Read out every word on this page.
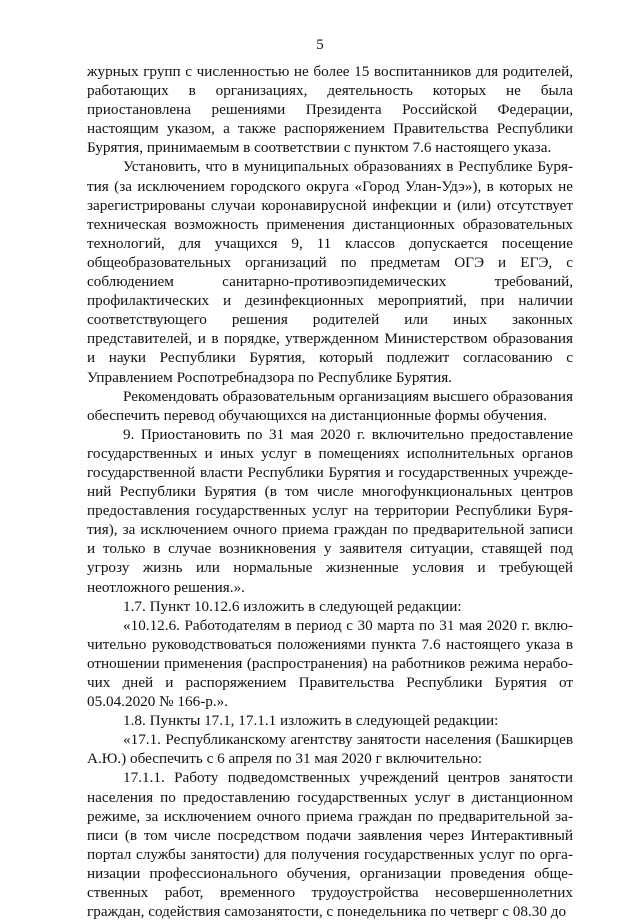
5

журных групп с численностью не более 15 воспитанников для родителей, работающих в организациях, деятельность которых не была приостановлена решениями Президента Российской Федерации, настоящим указом, а также распоряжением Правительства Республики Бурятия, принимаемым в соответствии с пунктом 7.6 настоящего указа.

Установить, что в муниципальных образованиях в Республике Бурятия (за исключением городского округа «Город Улан-Удэ»), в которых не зарегистрированы случаи коронавирусной инфекции и (или) отсутствует техническая возможность применения дистанционных образовательных технологий, для учащихся 9, 11 классов допускается посещение общеобразовательных организаций по предметам ОГЭ и ЕГЭ, с соблюдением санитарно-противоэпидемических требований, профилактических и дезинфекционных мероприятий, при наличии соответствующего решения родителей или иных законных представителей, и в порядке, утвержденном Министерством образования и науки Республики Бурятия, который подлежит согласованию с Управлением Роспотребнадзора по Республике Бурятия.

Рекомендовать образовательным организациям высшего образования обеспечить перевод обучающихся на дистанционные формы обучения.

9. Приостановить по 31 мая 2020 г. включительно предоставление государственных и иных услуг в помещениях исполнительных органов государственной власти Республики Бурятия и государственных учреждений Республики Бурятия (в том числе многофункциональных центров предоставления государственных услуг на территории Республики Бурятия), за исключением очного приема граждан по предварительной записи и только в случае возникновения у заявителя ситуации, ставящей под угрозу жизнь или нормальные жизненные условия и требующей неотложного решения.».

1.7. Пункт 10.12.6 изложить в следующей редакции:

«10.12.6. Работодателям в период с 30 марта по 31 мая 2020 г. включительно руководствоваться положениями пункта 7.6 настоящего указа в отношении применения (распространения) на работников режима нерабочих дней и распоряжением Правительства Республики Бурятия от 05.04.2020 № 166-р.».

1.8. Пункты 17.1, 17.1.1 изложить в следующей редакции:

«17.1. Республиканскому агентству занятости населения (Башкирцев А.Ю.) обеспечить с 6 апреля по 31 мая 2020 г включительно:

17.1.1. Работу подведомственных учреждений центров занятости населения по предоставлению государственных услуг в дистанционном режиме, за исключением очного приема граждан по предварительной записи (в том числе посредством подачи заявления через Интерактивный портал службы занятости) для получения государственных услуг по организации профессионального обучения, организации проведения общественных работ, временного трудоустройства несовершеннолетних граждан, содействия самозанятости, с понедельника по четверг с 08.30 до
